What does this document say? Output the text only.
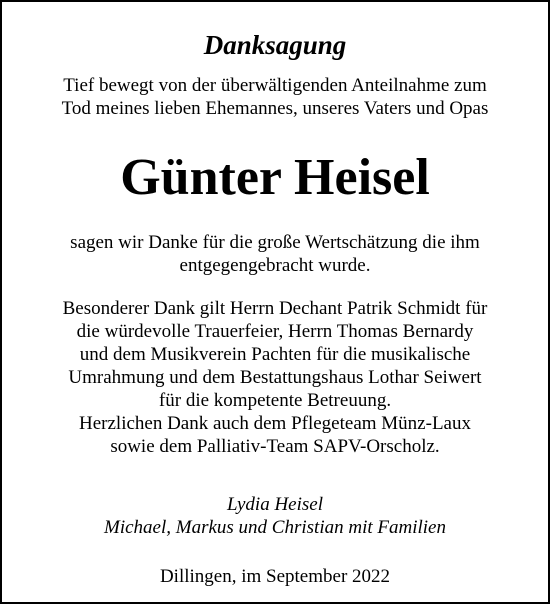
Danksagung
Tief bewegt von der überwältigenden Anteilnahme zum
Tod meines lieben Ehemannes, unseres Vaters und Opas
Günter Heisel
sagen wir Danke für die große Wertschätzung die ihm
entgegengebracht wurde.
Besonderer Dank gilt Herrn Dechant Patrik Schmidt für
die würdevolle Trauerfeier, Herrn Thomas Bernardy
und dem Musikverein Pachten für die musikalische
Umrahmung und dem Bestattungshaus Lothar Seiwert
für die kompetente Betreuung.
Herzlichen Dank auch dem Pflegeteam Münz-Laux
sowie dem Palliativ-Team SAPV-Orscholz.
Lydia Heisel
Michael, Markus und Christian mit Familien
Dillingen, im September 2022
